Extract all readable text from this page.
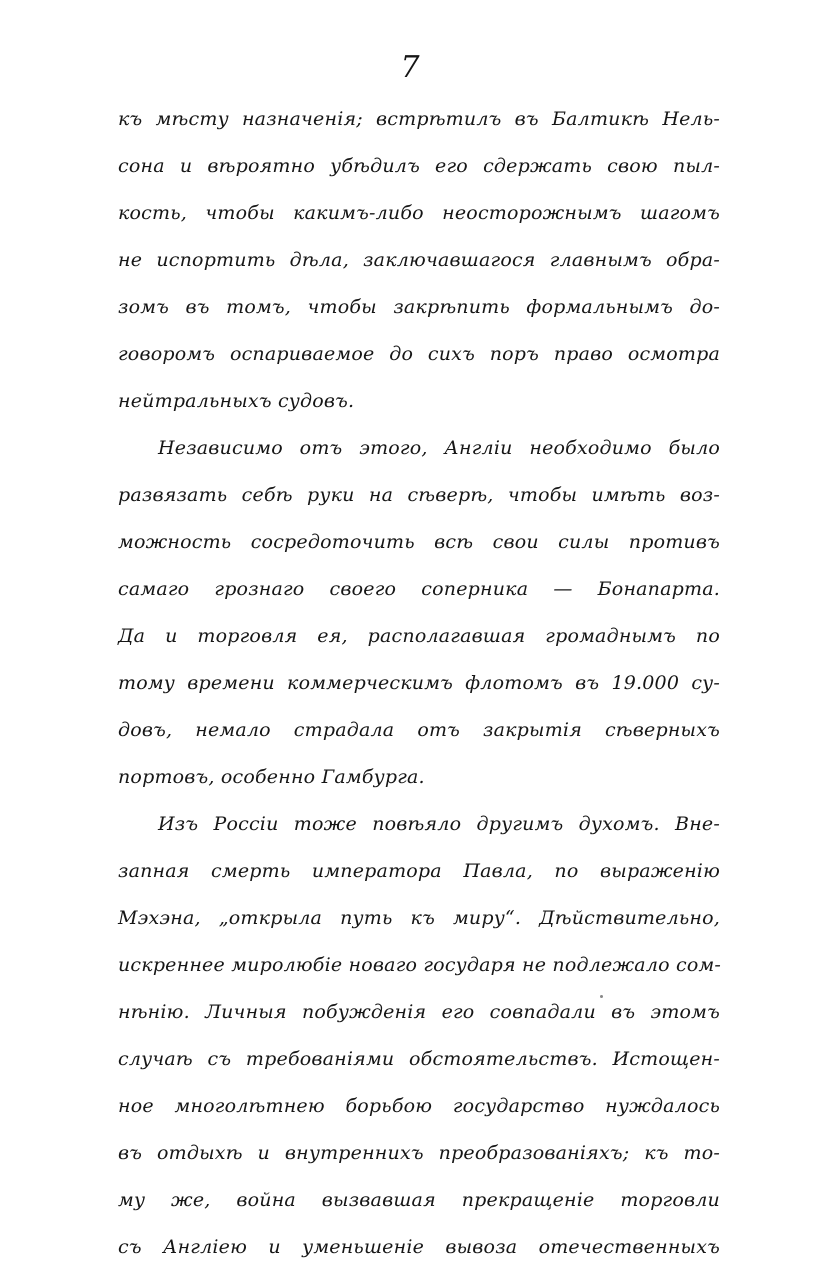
7
къ мѣсту назначенія; встрѣтилъ въ Балтикѣ Нель-
сона и вѣроятно убѣдилъ его сдержать свою пыл-
кость, чтобы какимъ-либо неосторожнымъ шагомъ
не испортить дѣла, заключавшагося главнымъ обра-
зомъ въ томъ, чтобы закрѣпить формальнымъ до-
говоромъ оспариваемое до сихъ поръ право осмотра
нейтральныхъ судовъ.
Независимо отъ этого, Англіи необходимо было
развязать себѣ руки на сѣверѣ, чтобы имѣть воз-
можность сосредоточить всѣ свои силы противъ
самаго грознаго своего соперника — Бонапарта.
Да и торговля ея, располагавшая громаднымъ по
тому времени коммерческимъ флотомъ въ 19.000 су-
довъ, немало страдала отъ закрытія сѣверныхъ
портовъ, особенно Гамбурга.
Изъ Россіи тоже повѣяло другимъ духомъ. Вне-
запная смерть императора Павла, по выраженію
Мэхэна, „открыла путь къ миру“. Дѣйствительно,
искреннее миролюбіе новаго государя не подлежало сом-
нѣнію. Личныя побужденія его совпадали въ этомъ
случаѣ съ требованіями обстоятельствъ. Истощен-
ное многолѣтнею борьбою государство нуждалось
въ отдыхѣ и внутреннихъ преобразованіяхъ; къ то-
му же, война вызвавшая прекращеніе торговли
съ Англіею и уменьшеніе вывоза отечественныхъ
